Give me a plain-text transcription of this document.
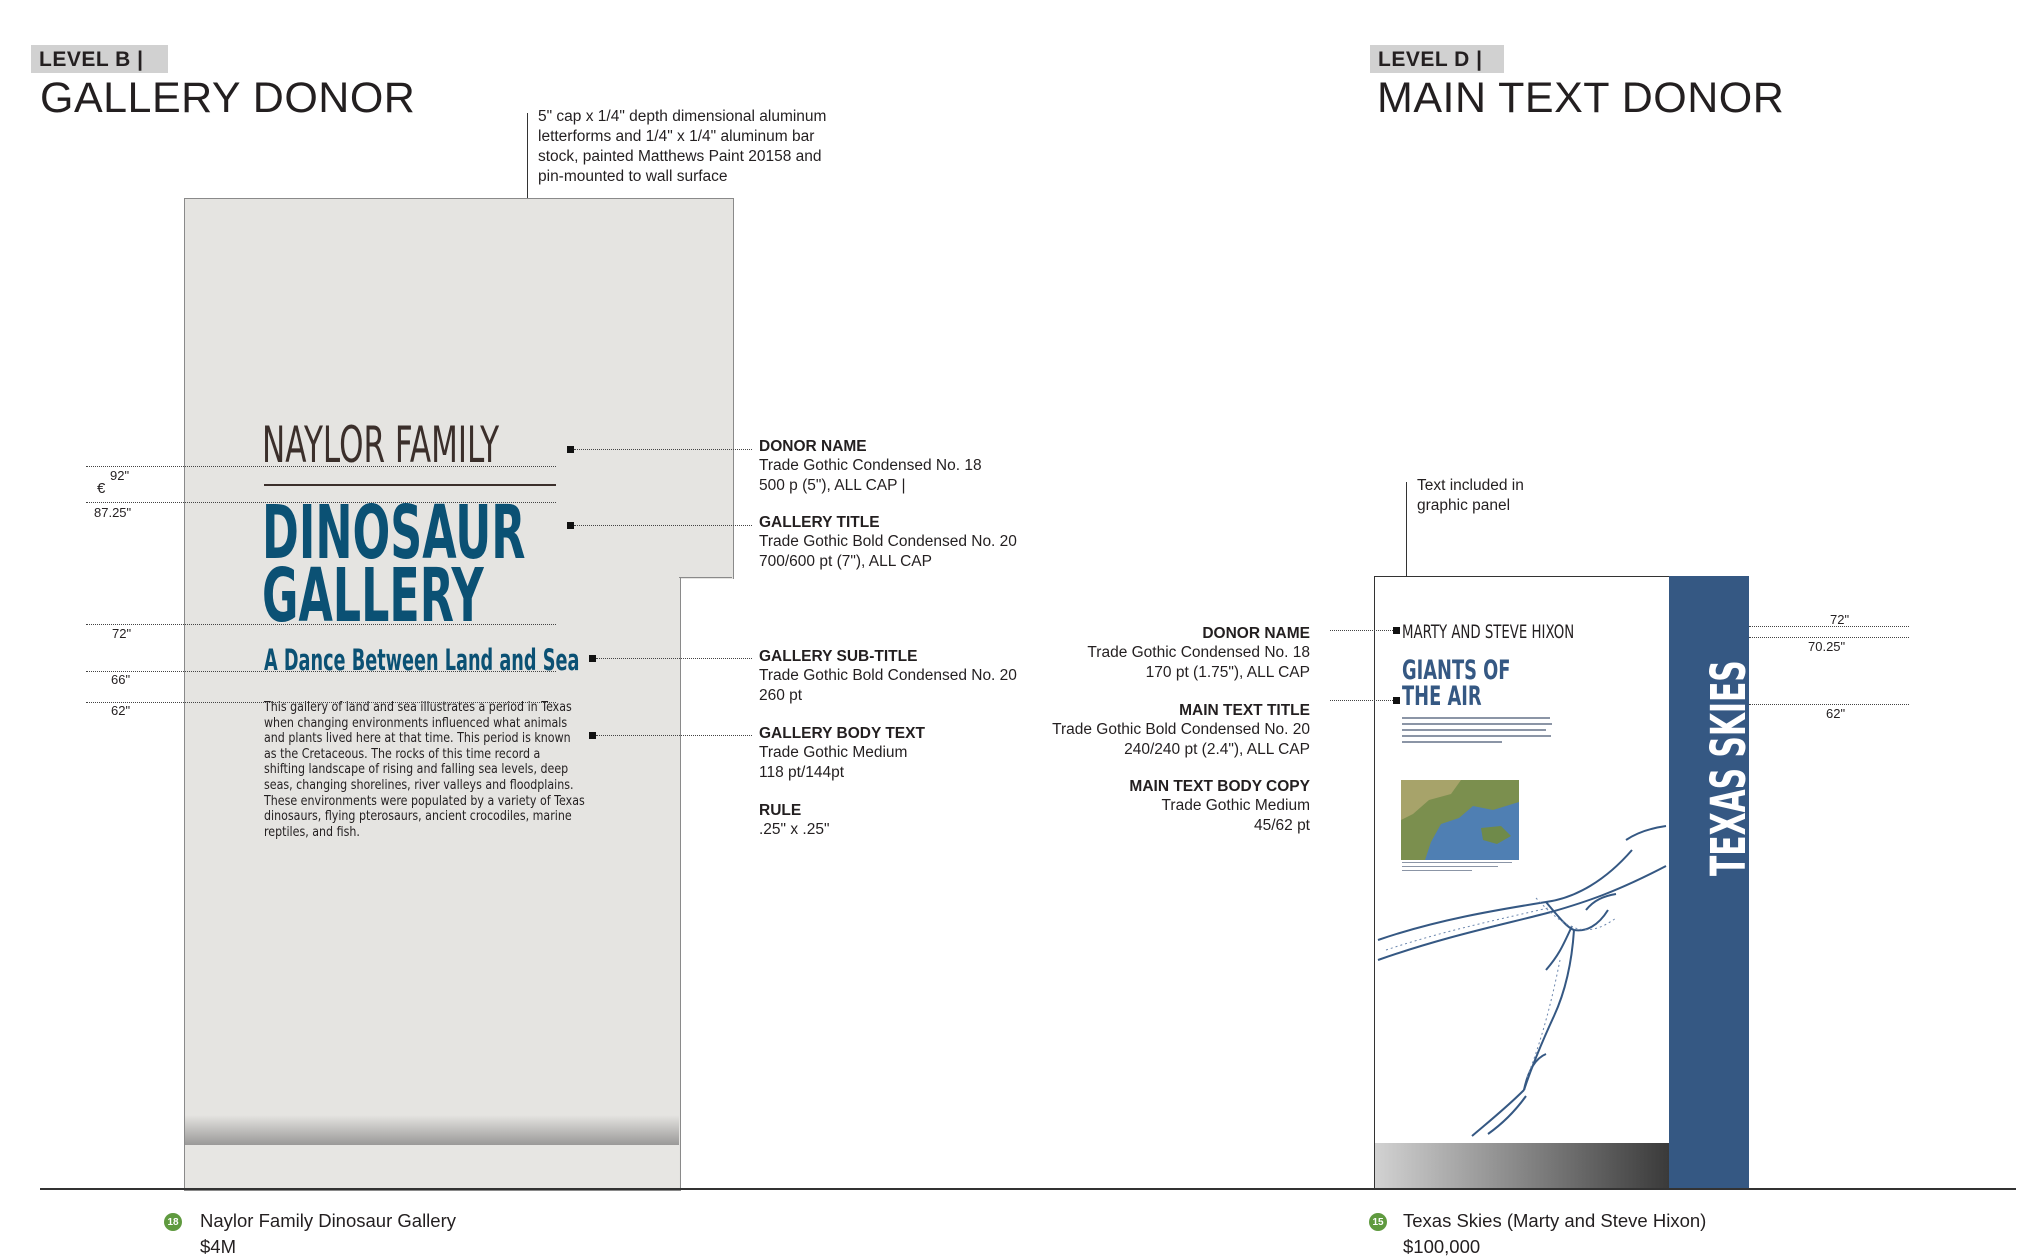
LEVEL B |
GALLERY DONOR	5" cap x 1/4" depth dimensional aluminum
letterforms and 1/4" x 1/4" aluminum bar
stock, painted Matthews Paint 20158 and
pin-mounted to wall surface
NAYLOR FAMILY
DINOSAUR
GALLERY
A Dance Between Land and Sea
This gallery of land and sea illustrates a period in Texas
when changing environments influenced what animals
and plants lived here at that time. This period is known
as the Cretaceous. The rocks of this time record a
shifting landscape of rising and falling sea levels, deep
seas, changing shorelines, river valleys and floodplains.
These environments were populated by a variety of Texas
dinosaurs, flying pterosaurs, ancient crocodiles, marine
reptiles, and fish.
92"
€
87.25"
72"
66"
62"
DONOR NAME
Trade Gothic Condensed No. 18
500 p (5"), ALL CAP |
GALLERY TITLE
Trade Gothic Bold Condensed No. 20
700/600 pt (7"), ALL CAP
GALLERY SUB-TITLE
Trade Gothic Bold Condensed No. 20
260 pt
GALLERY BODY TEXT
Trade Gothic Medium
118 pt/144pt
RULE
.25" x .25"
18 Naylor Family Dinosaur Gallery
$4M
LEVEL D |
MAIN TEXT DONOR
Text included in
graphic panel
TEXAS SKIES
MARTY AND STEVE HIXON
GIANTS OF
THE AIR
72"
70.25"
62"
DONOR NAME
Trade Gothic Condensed No. 18
170 pt (1.75"), ALL CAP
MAIN TEXT TITLE
Trade Gothic Bold Condensed No. 20
240/240 pt (2.4"), ALL CAP
MAIN TEXT BODY COPY
Trade Gothic Medium
45/62 pt
15 Texas Skies (Marty and Steve Hixon)
$100,000
